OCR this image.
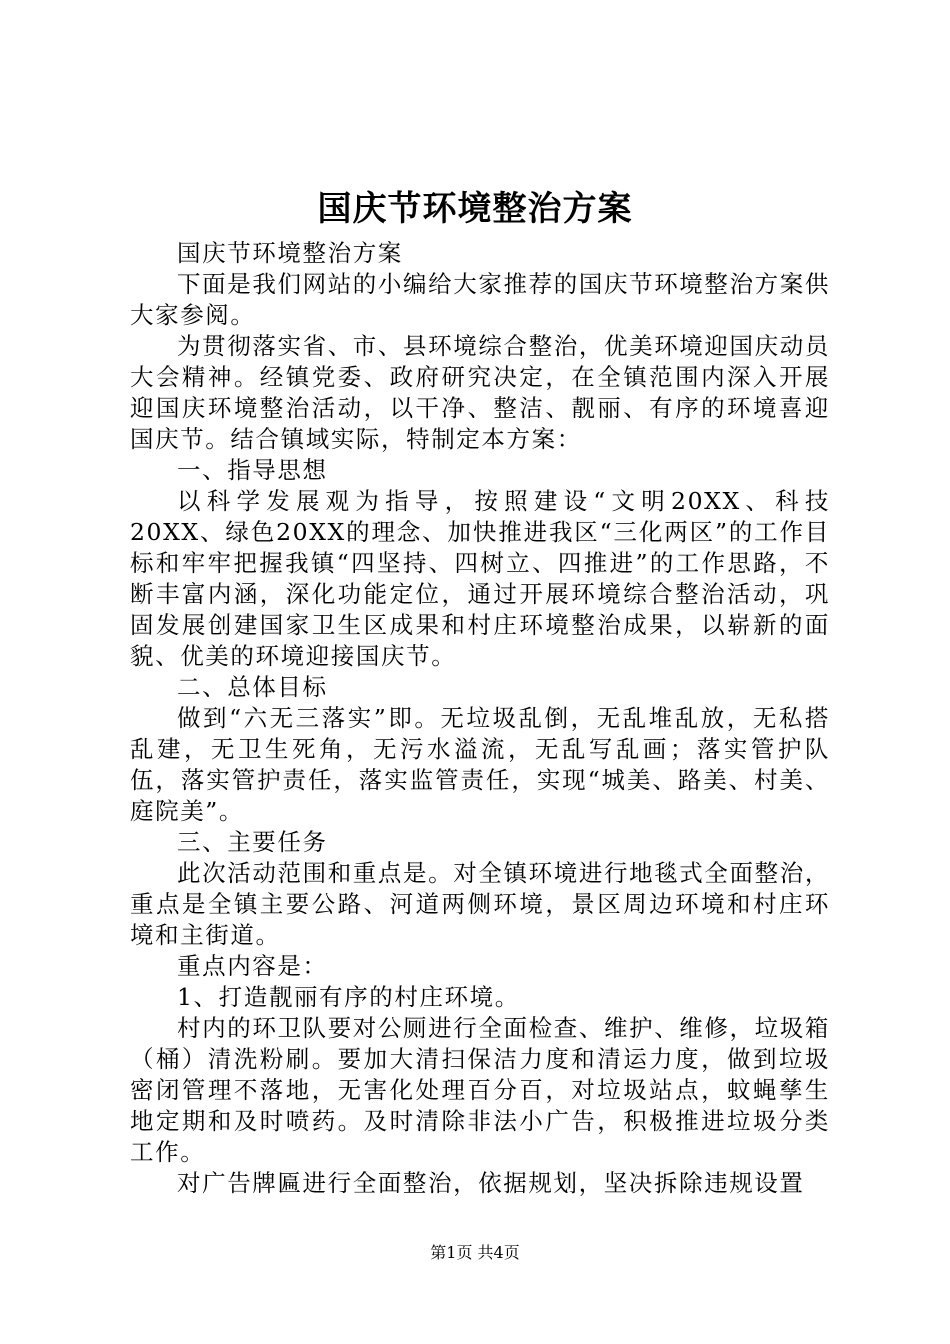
国庆节环境整治方案

国庆节环境整治方案

下面是我们网站的小编给大家推荐的国庆节环境整治方案供大家参阅。

为贯彻落实省、市、县环境综合整治，优美环境迎国庆动员大会精神。经镇党委、政府研究决定，在全镇范围内深入开展迎国庆环境整治活动，以干净、整洁、靓丽、有序的环境喜迎国庆节。结合镇域实际，特制定本方案：

一、指导思想

以科学发展观为指导，按照建设“文明20XX、科技20XX、绿色20XX的理念、加快推进我区“三化两区”的工作目标和牢牢把握我镇“四坚持、四树立、四推进”的工作思路，不断丰富内涵，深化功能定位，通过开展环境综合整治活动，巩固发展创建国家卫生区成果和村庄环境整治成果，以崭新的面貌、优美的环境迎接国庆节。

二、总体目标

做到“六无三落实”即。无垃圾乱倒，无乱堆乱放，无私搭乱建，无卫生死角，无污水溢流，无乱写乱画；落实管护队伍，落实管护责任，落实监管责任，实现“城美、路美、村美、庭院美”。

三、主要任务

此次活动范围和重点是。对全镇环境进行地毯式全面整治，重点是全镇主要公路、河道两侧环境，景区周边环境和村庄环境和主街道。

重点内容是：

1、打造靓丽有序的村庄环境。

村内的环卫队要对公厕进行全面检查、维护、维修，垃圾箱（桶）清洗粉刷。要加大清扫保洁力度和清运力度，做到垃圾密闭管理不落地，无害化处理百分百，对垃圾站点，蚊蝇孳生地定期和及时喷药。及时清除非法小广告，积极推进垃圾分类工作。

对广告牌匾进行全面整治，依据规划，坚决拆除违规设置

第1页 共4页
